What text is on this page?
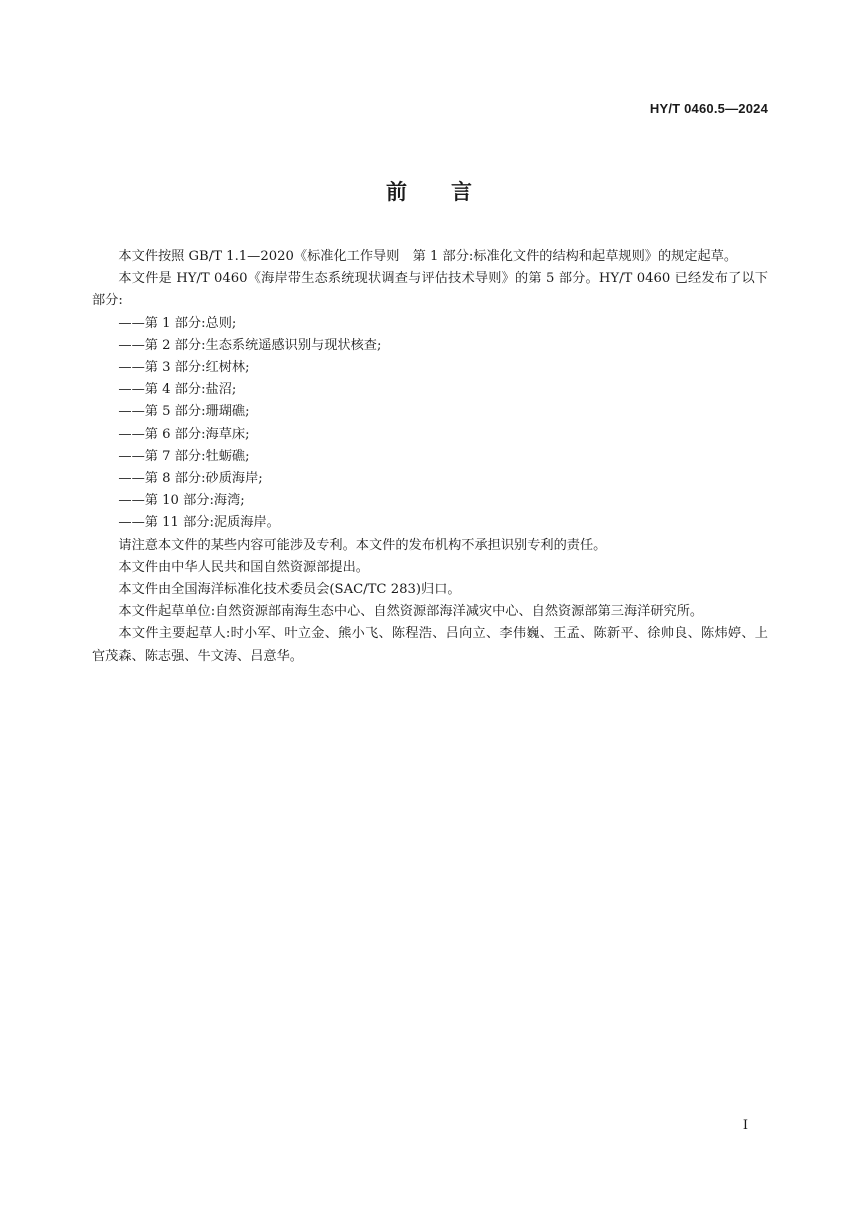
HY/T 0460.5—2024
前 言

本文件按照 GB/T 1.1—2020《标准化工作导则　第 1 部分:标准化文件的结构和起草规则》的规定起草。

本文件是 HY/T 0460《海岸带生态系统现状调查与评估技术导则》的第 5 部分。HY/T 0460 已经发布了以下部分:

——第 1 部分:总则;

——第 2 部分:生态系统遥感识别与现状核查;

——第 3 部分:红树林;

——第 4 部分:盐沼;

——第 5 部分:珊瑚礁;

——第 6 部分:海草床;

——第 7 部分:牡蛎礁;

——第 8 部分:砂质海岸;

——第 10 部分:海湾;

——第 11 部分:泥质海岸。

请注意本文件的某些内容可能涉及专利。本文件的发布机构不承担识别专利的责任。

本文件由中华人民共和国自然资源部提出。

本文件由全国海洋标准化技术委员会(SAC/TC 283)归口。

本文件起草单位:自然资源部南海生态中心、自然资源部海洋减灾中心、自然资源部第三海洋研究所。

本文件主要起草人:时小军、叶立金、熊小飞、陈程浩、吕向立、李伟巍、王孟、陈新平、徐帅良、陈炜婷、上官茂森、陈志强、牛文涛、吕意华。

I
